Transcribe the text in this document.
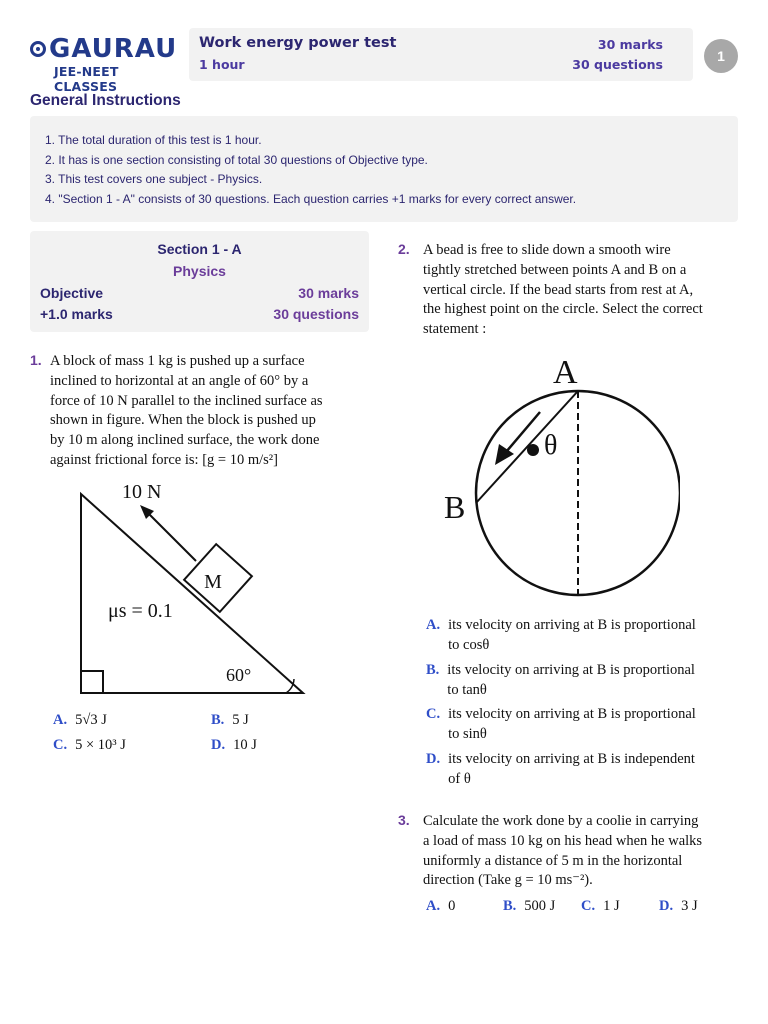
GAURAU
JEE-NEET CLASSES
Work energy power test
1 hour
30 marks
30 questions
1
General Instructions
1. The total duration of this test is 1 hour.
2. It has is one section consisting of total 30 questions of Objective type.
3. This test covers one subject - Physics.
4. "Section 1 - A" consists of 30 questions. Each question carries +1 marks for every correct answer.
Section 1 - A
Physics
Objective	30 marks
+1.0 marks	30 questions
1. A block of mass 1 kg is pushed up a surface
inclined to horizontal at an angle of 60° by a
force of 10 N parallel to the inclined surface as
shown in figure. When the block is pushed up
by 10 m along inclined surface, the work done
against frictional force is: [g = 10 m/s²]
10 N
M
μs = 0.1
60°
A. 5√3 J	B. 5 J
C. 5 × 10³ J	D. 10 J
2. A bead is free to slide down a smooth wire
tightly stretched between points A and B on a
vertical circle. If the bead starts from rest at A,
the highest point on the circle. Select the correct
statement :
A
B
θ
A. its velocity on arriving at B is proportional
to cosθ
B. its velocity on arriving at B is proportional
to tanθ
C. its velocity on arriving at B is proportional
to sinθ
D. its velocity on arriving at B is independent
of θ
3. Calculate the work done by a coolie in carrying
a load of mass 10 kg on his head when he walks
uniformly a distance of 5 m in the horizontal
direction (Take g = 10 ms⁻²).
A. 0	B. 500 J C. 1 J	D. 3 J
